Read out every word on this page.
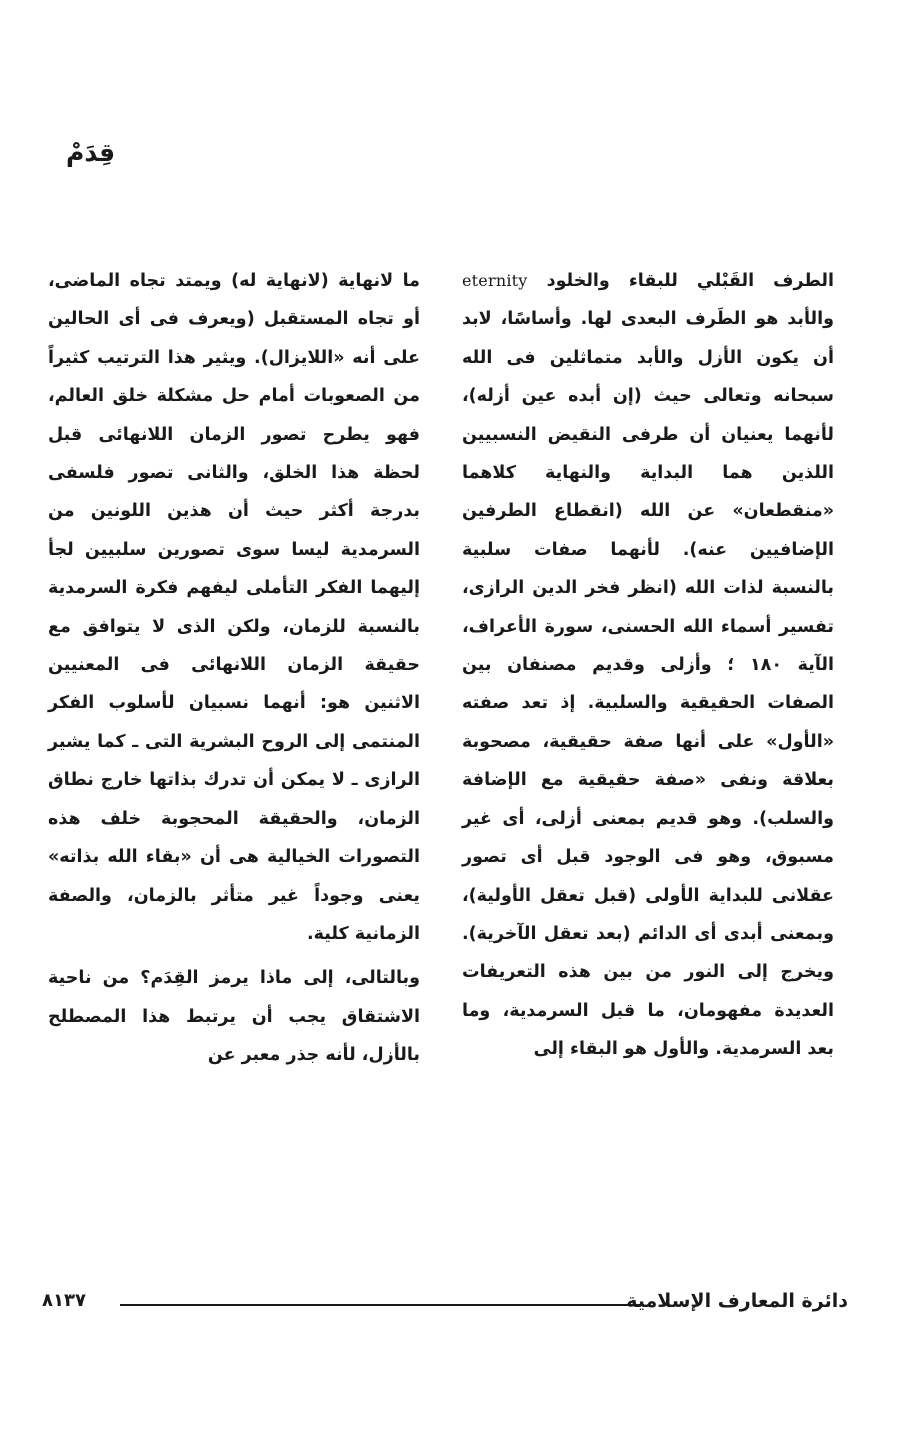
قِدَمْ

الطرف القَبْلي للبقاء والخلود eternity والأبد هو الطَرف البعدى لها. وأساسًا، لابد أن يكون الأزل والأبد متماثلين فى الله سبحانه وتعالى حيث (إن أبده عين أزله)، لأنهما يعنيان أن طرفى النقيض النسبيين اللذين هما البداية والنهاية كلاهما «منقطعان» عن الله (انقطاع الطرفين الإضافيين عنه). لأنهما صفات سلبية بالنسبة لذات الله (انظر فخر الدين الرازى، تفسير أسماء الله الحسنى، سورة الأعراف، الآية ١٨٠ ؛ وأزلى وقديم مصنفان بين الصفات الحقيقية والسلبية. إذ تعد صفته «الأول» على أنها صفة حقيقية، مصحوبة بعلاقة ونفى «صفة حقيقية مع الإضافة والسلب). وهو قديم بمعنى أزلى، أى غير مسبوق، وهو فى الوجود قبل أى تصور عقلانى للبداية الأولى (قبل تعقل الأولية)، وبمعنى أبدى أى الدائم (بعد تعقل الآخرية). ويخرج إلى النور من بين هذه التعريفات العديدة مفهومان، ما قبل السرمدية، وما بعد السرمدية. والأول هو البقاء إلى

ما لانهاية (لانهاية له) ويمتد تجاه الماضى، أو تجاه المستقبل (ويعرف فى أى الحالين على أنه «اللايزال). ويثير هذا الترتيب كثيراً من الصعوبات أمام حل مشكلة خلق العالم، فهو يطرح تصور الزمان اللانهائى قبل لحظة هذا الخلق، والثانى تصور فلسفى بدرجة أكثر حيث أن هذين اللونين من السرمدية ليسا سوى تصورين سلبيين لجأ إليهما الفكر التأملى ليفهم فكرة السرمدية بالنسبة للزمان، ولكن الذى لا يتوافق مع حقيقة الزمان اللانهائى فى المعنيين الاثنين هو: أنهما نسبيان لأسلوب الفكر المنتمى إلى الروح البشرية التى ـ كما يشير الرازى ـ لا يمكن أن تدرك بذاتها خارج نطاق الزمان، والحقيقة المحجوبة خلف هذه التصورات الخيالية هى أن «بقاء الله بذاته» يعنى وجوداً غير متأثر بالزمان، والصفة الزمانية كلية.

وبالتالى، إلى ماذا يرمز القِدَم؟ من ناحية الاشتقاق يجب أن يرتبط هذا المصطلح بالأزل، لأنه جذر معبر عن

دائرة المعارف الإسلامية
٨١٣٧
